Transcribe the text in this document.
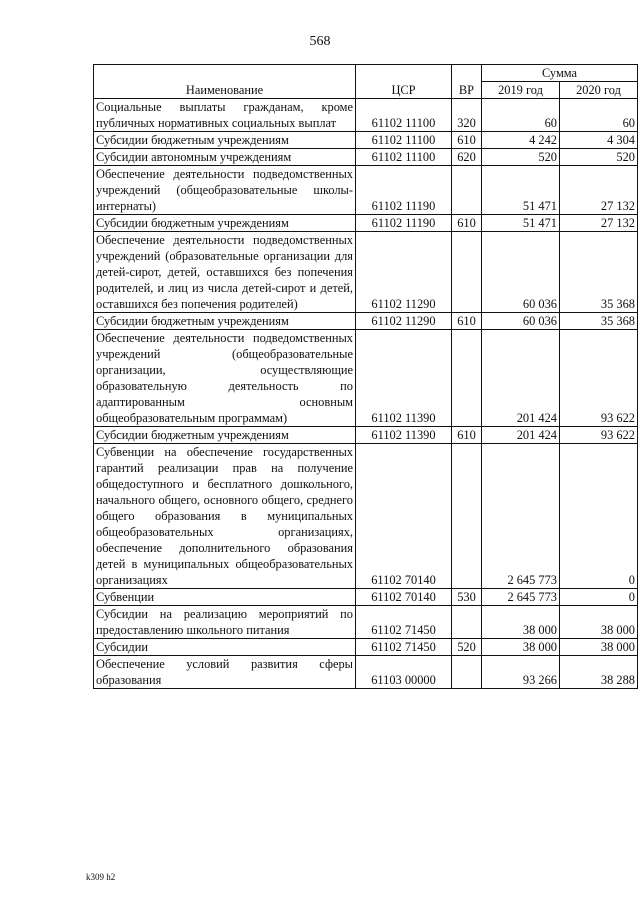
568
Наименование	ЦСР	ВР	Сумма	
			2019 год	2020 год
Социальные выплаты гражданам, кроме публичных нормативных социальных выплат	61102 11100	320	60	60
Субсидии бюджетным учреждениям	61102 11100	610	4 242	4 304
Субсидии автономным учреждениям	61102 11100	620	520	520
Обеспечение деятельности подведомственных учреждений (общеобразовательные школы-интернаты)	61102 11190		51 471	27 132
Субсидии бюджетным учреждениям	61102 11190	610	51 471	27 132
Обеспечение деятельности подведомственных учреждений (образовательные организации для детей-сирот, детей, оставшихся без попечения родителей, и лиц из числа детей-сирот и детей, оставшихся без попечения родителей)	61102 11290		60 036	35 368
Субсидии бюджетным учреждениям	61102 11290	610	60 036	35 368
Обеспечение деятельности подведомственных учреждений (общеобразовательные организации, осуществляющие образовательную деятельность по адаптированным основным общеобразовательным программам)	61102 11390		201 424	93 622
Субсидии бюджетным учреждениям	61102 11390	610	201 424	93 622
Субвенции на обеспечение государственных гарантий реализации прав на получение общедоступного и бесплатного дошкольного, начального общего, основного общего, среднего общего образования в муниципальных общеобразовательных организациях, обеспечение дополнительного образования детей в муниципальных общеобразовательных организациях	61102 70140		2 645 773	0
Субвенции	61102 70140	530	2 645 773	0
Субсидии на реализацию мероприятий по предоставлению школьного питания	61102 71450		38 000	38 000
Субсидии	61102 71450	520	38 000	38 000
Обеспечение условий развития сферы образования	61103 00000		93 266	38 288
k309 h2
